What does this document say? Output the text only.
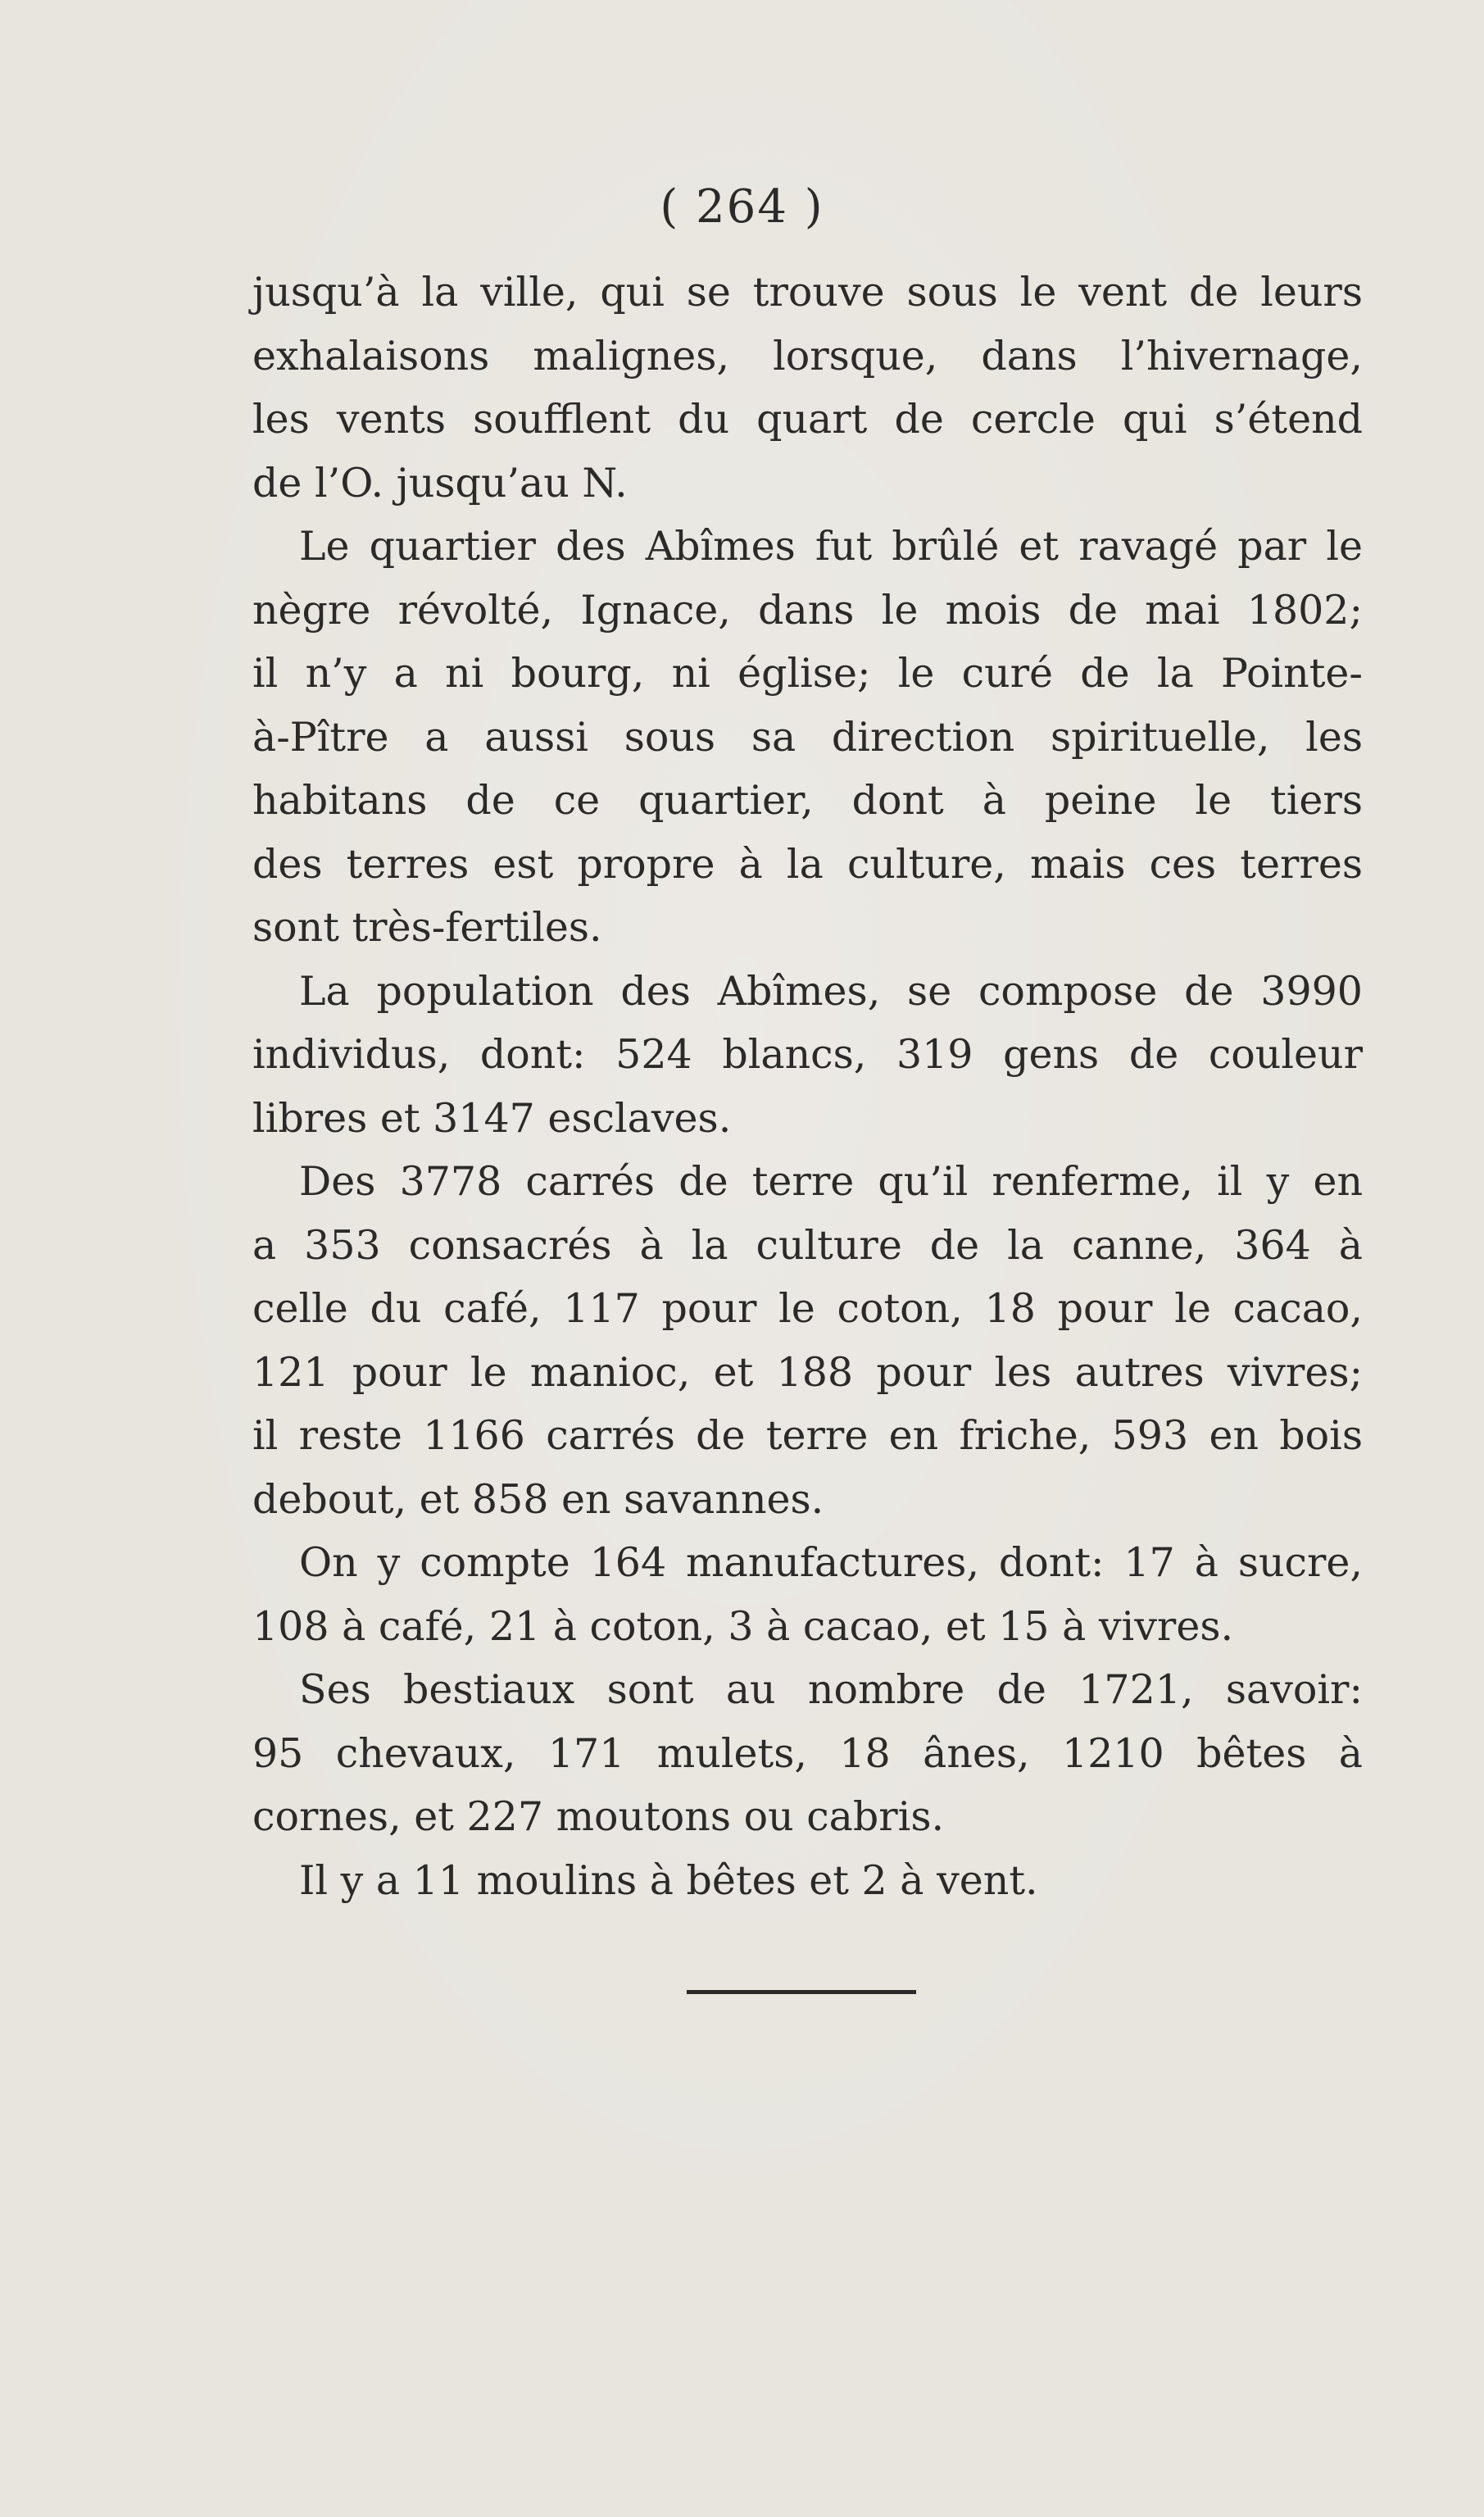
( 264 )
jusqu’à la ville, qui se trouve sous le vent de leurs
exhalaisons malignes, lorsque, dans l’hivernage,
les vents soufflent du quart de cercle qui s’étend
de l’O. jusqu’au N.
Le quartier des Abîmes fut brûlé et ravagé par le
nègre révolté, Ignace, dans le mois de mai 1802;
il n’y a ni bourg, ni église; le curé de la Pointe-
à-Pître a aussi sous sa direction spirituelle, les
habitans de ce quartier, dont à peine le tiers
des terres est propre à la culture, mais ces terres
sont très-fertiles.
La population des Abîmes, se compose de 3990
individus, dont: 524 blancs, 319 gens de couleur
libres et 3147 esclaves.
Des 3778 carrés de terre qu’il renferme, il y en
a 353 consacrés à la culture de la canne, 364 à
celle du café, 117 pour le coton, 18 pour le cacao,
121 pour le manioc, et 188 pour les autres vivres;
il reste 1166 carrés de terre en friche, 593 en bois
debout, et 858 en savannes.
On y compte 164 manufactures, dont: 17 à sucre,
108 à café, 21 à coton, 3 à cacao, et 15 à vivres.
Ses bestiaux sont au nombre de 1721, savoir:
95 chevaux, 171 mulets, 18 ânes, 1210 bêtes à
cornes, et 227 moutons ou cabris.
Il y a 11 moulins à bêtes et 2 à vent.
